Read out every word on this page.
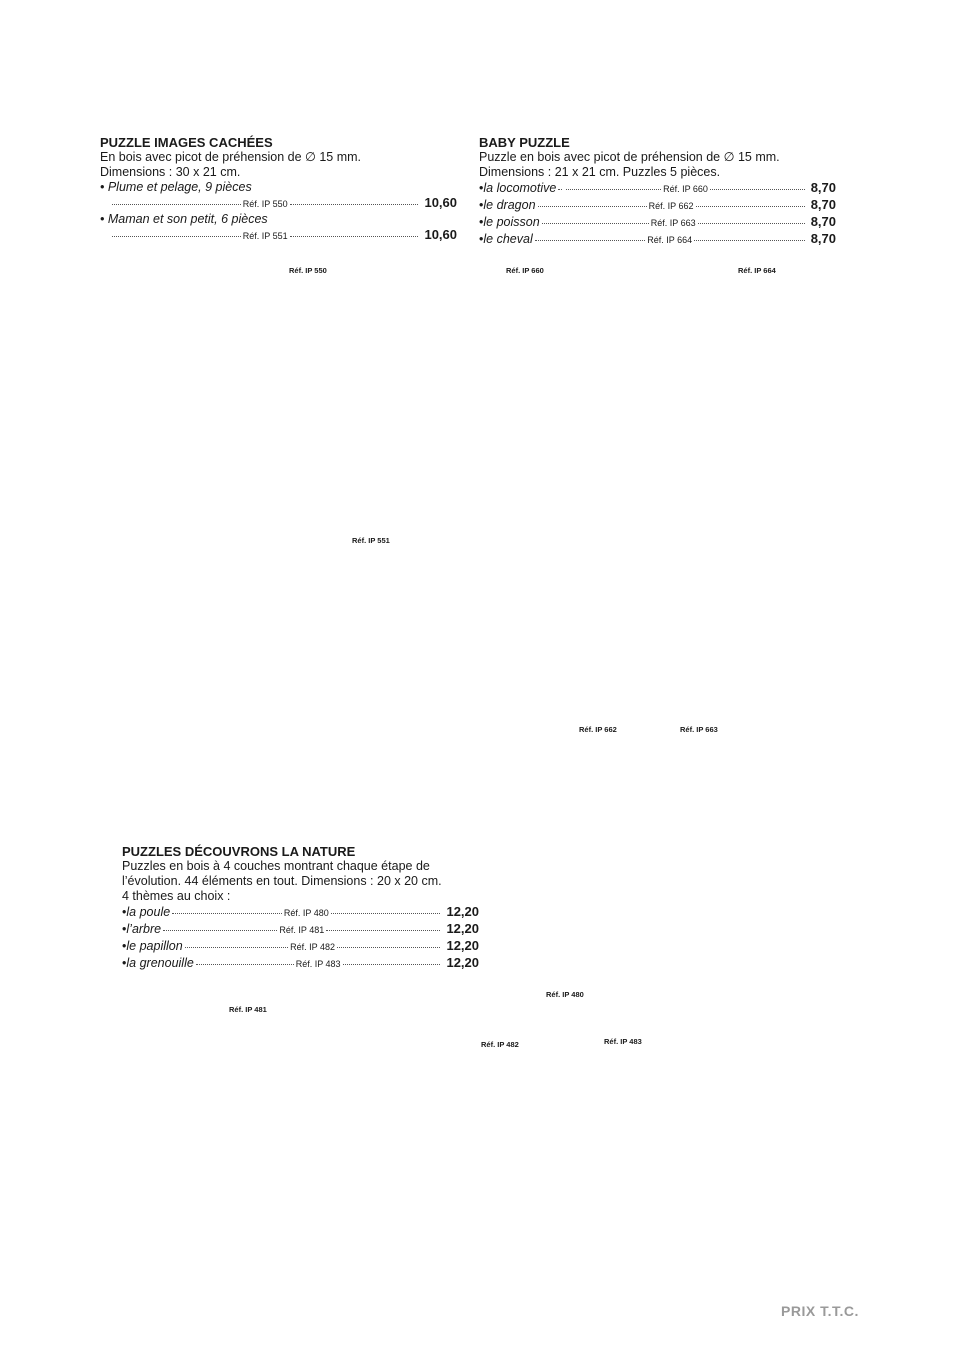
PUZZLE IMAGES CACHÉES
En bois avec picot de préhension de ∅ 15 mm.
Dimensions : 30 x 21 cm.
• Plume et pelage, 9 pièces
Réf. IP 550	10,60
• Maman et son petit, 6 pièces
Réf. IP 551	10,60
BABY PUZZLE
Puzzle en bois avec picot de préhension de ∅ 15 mm.
Dimensions : 21 x 21 cm. Puzzles 5 pièces.
• la locomotive	Réf. IP 660	8,70
• le dragon	Réf. IP 662	8,70
• le poisson	Réf. IP 663	8,70
• le cheval	Réf. IP 664	8,70
PUZZLES DÉCOUVRONS LA NATURE
Puzzles en bois à 4 couches montrant chaque étape de
l’évolution. 44 éléments en tout. Dimensions : 20 x 20 cm.
4 thèmes au choix :
• la poule	Réf. IP 480	12,20
• l’arbre	Réf. IP 481	12,20
• le papillon	Réf. IP 482	12,20
• la grenouille	Réf. IP 483	12,20
Réf. IP 550	Réf. IP 660	Réf. IP 664
Réf. IP 551
Réf. IP 662	Réf. IP 663
Réf. IP 480
Réf. IP 481
Réf. IP 482	Réf. IP 483
PRIX T.T.C.
